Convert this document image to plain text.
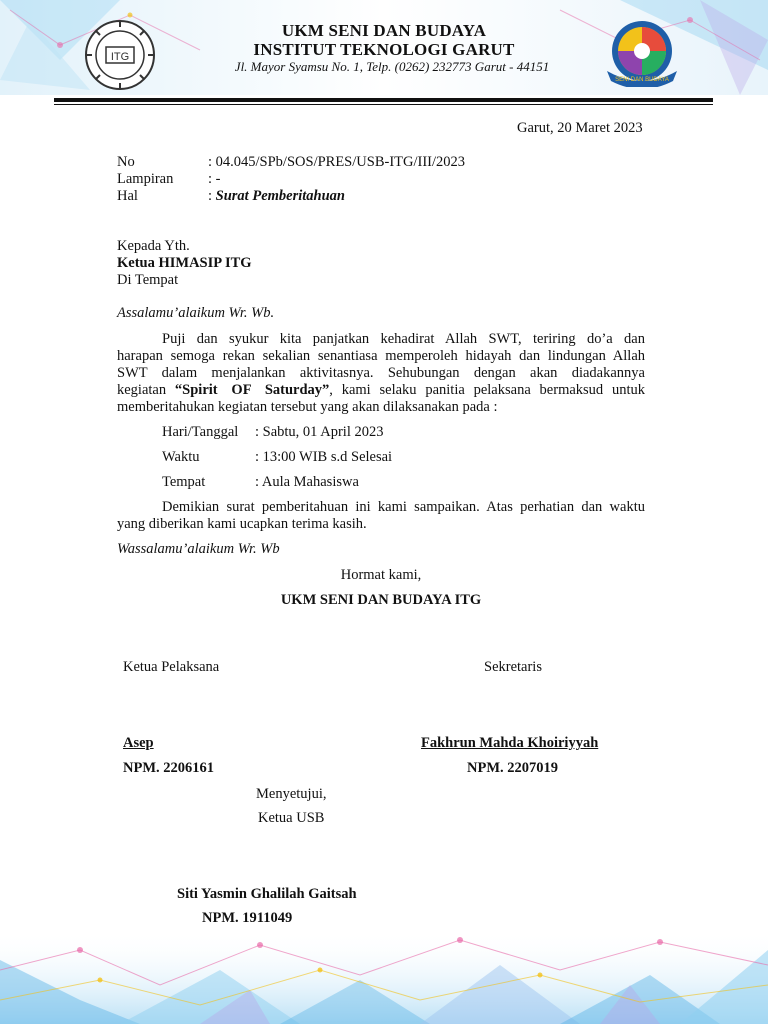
ITG
SENI DAN BUDAYA
UKM SENI DAN BUDAYA
INSTITUT TEKNOLOGI GARUT
Jl. Mayor Syamsu No. 1, Telp. (0262) 232773 Garut - 44151
Garut, 20 Maret 2023
No	: 04.045/SPb/SOS/PRES/USB-ITG/III/2023
Lampiran : -
Hal	: Surat Pemberitahuan
Kepada Yth.
Ketua HIMASIP ITG
Di Tempat
Assalamu’alaikum Wr. Wb.
Puji dan syukur kita panjatkan kehadirat Allah SWT, teriring do’a dan
harapan semoga rekan sekalian senantiasa memperoleh hidayah dan lindungan Allah
SWT dalam menjalankan aktivitasnya. Sehubungan dengan akan diadakannya
kegiatan “Spirit OF Saturday”, kami selaku panitia pelaksana bermaksud untuk
memberitahukan kegiatan tersebut yang akan dilaksanakan pada :
Hari/Tanggal : Sabtu, 01 April 2023
Waktu	: 13:00 WIB s.d Selesai
Tempat	: Aula Mahasiswa
Demikian surat pemberitahuan ini kami sampaikan. Atas perhatian dan waktu
yang diberikan kami ucapkan terima kasih.
Wassalamu’alaikum Wr. Wb
Hormat kami,
UKM SENI DAN BUDAYA ITG
Ketua Pelaksana	Sekretaris
Asep	Fakhrun Mahda Khoiriyyah
NPM. 2206161	NPM. 2207019
Menyetujui,
Ketua USB
Siti Yasmin Ghalilah Gaitsah
NPM. 1911049
